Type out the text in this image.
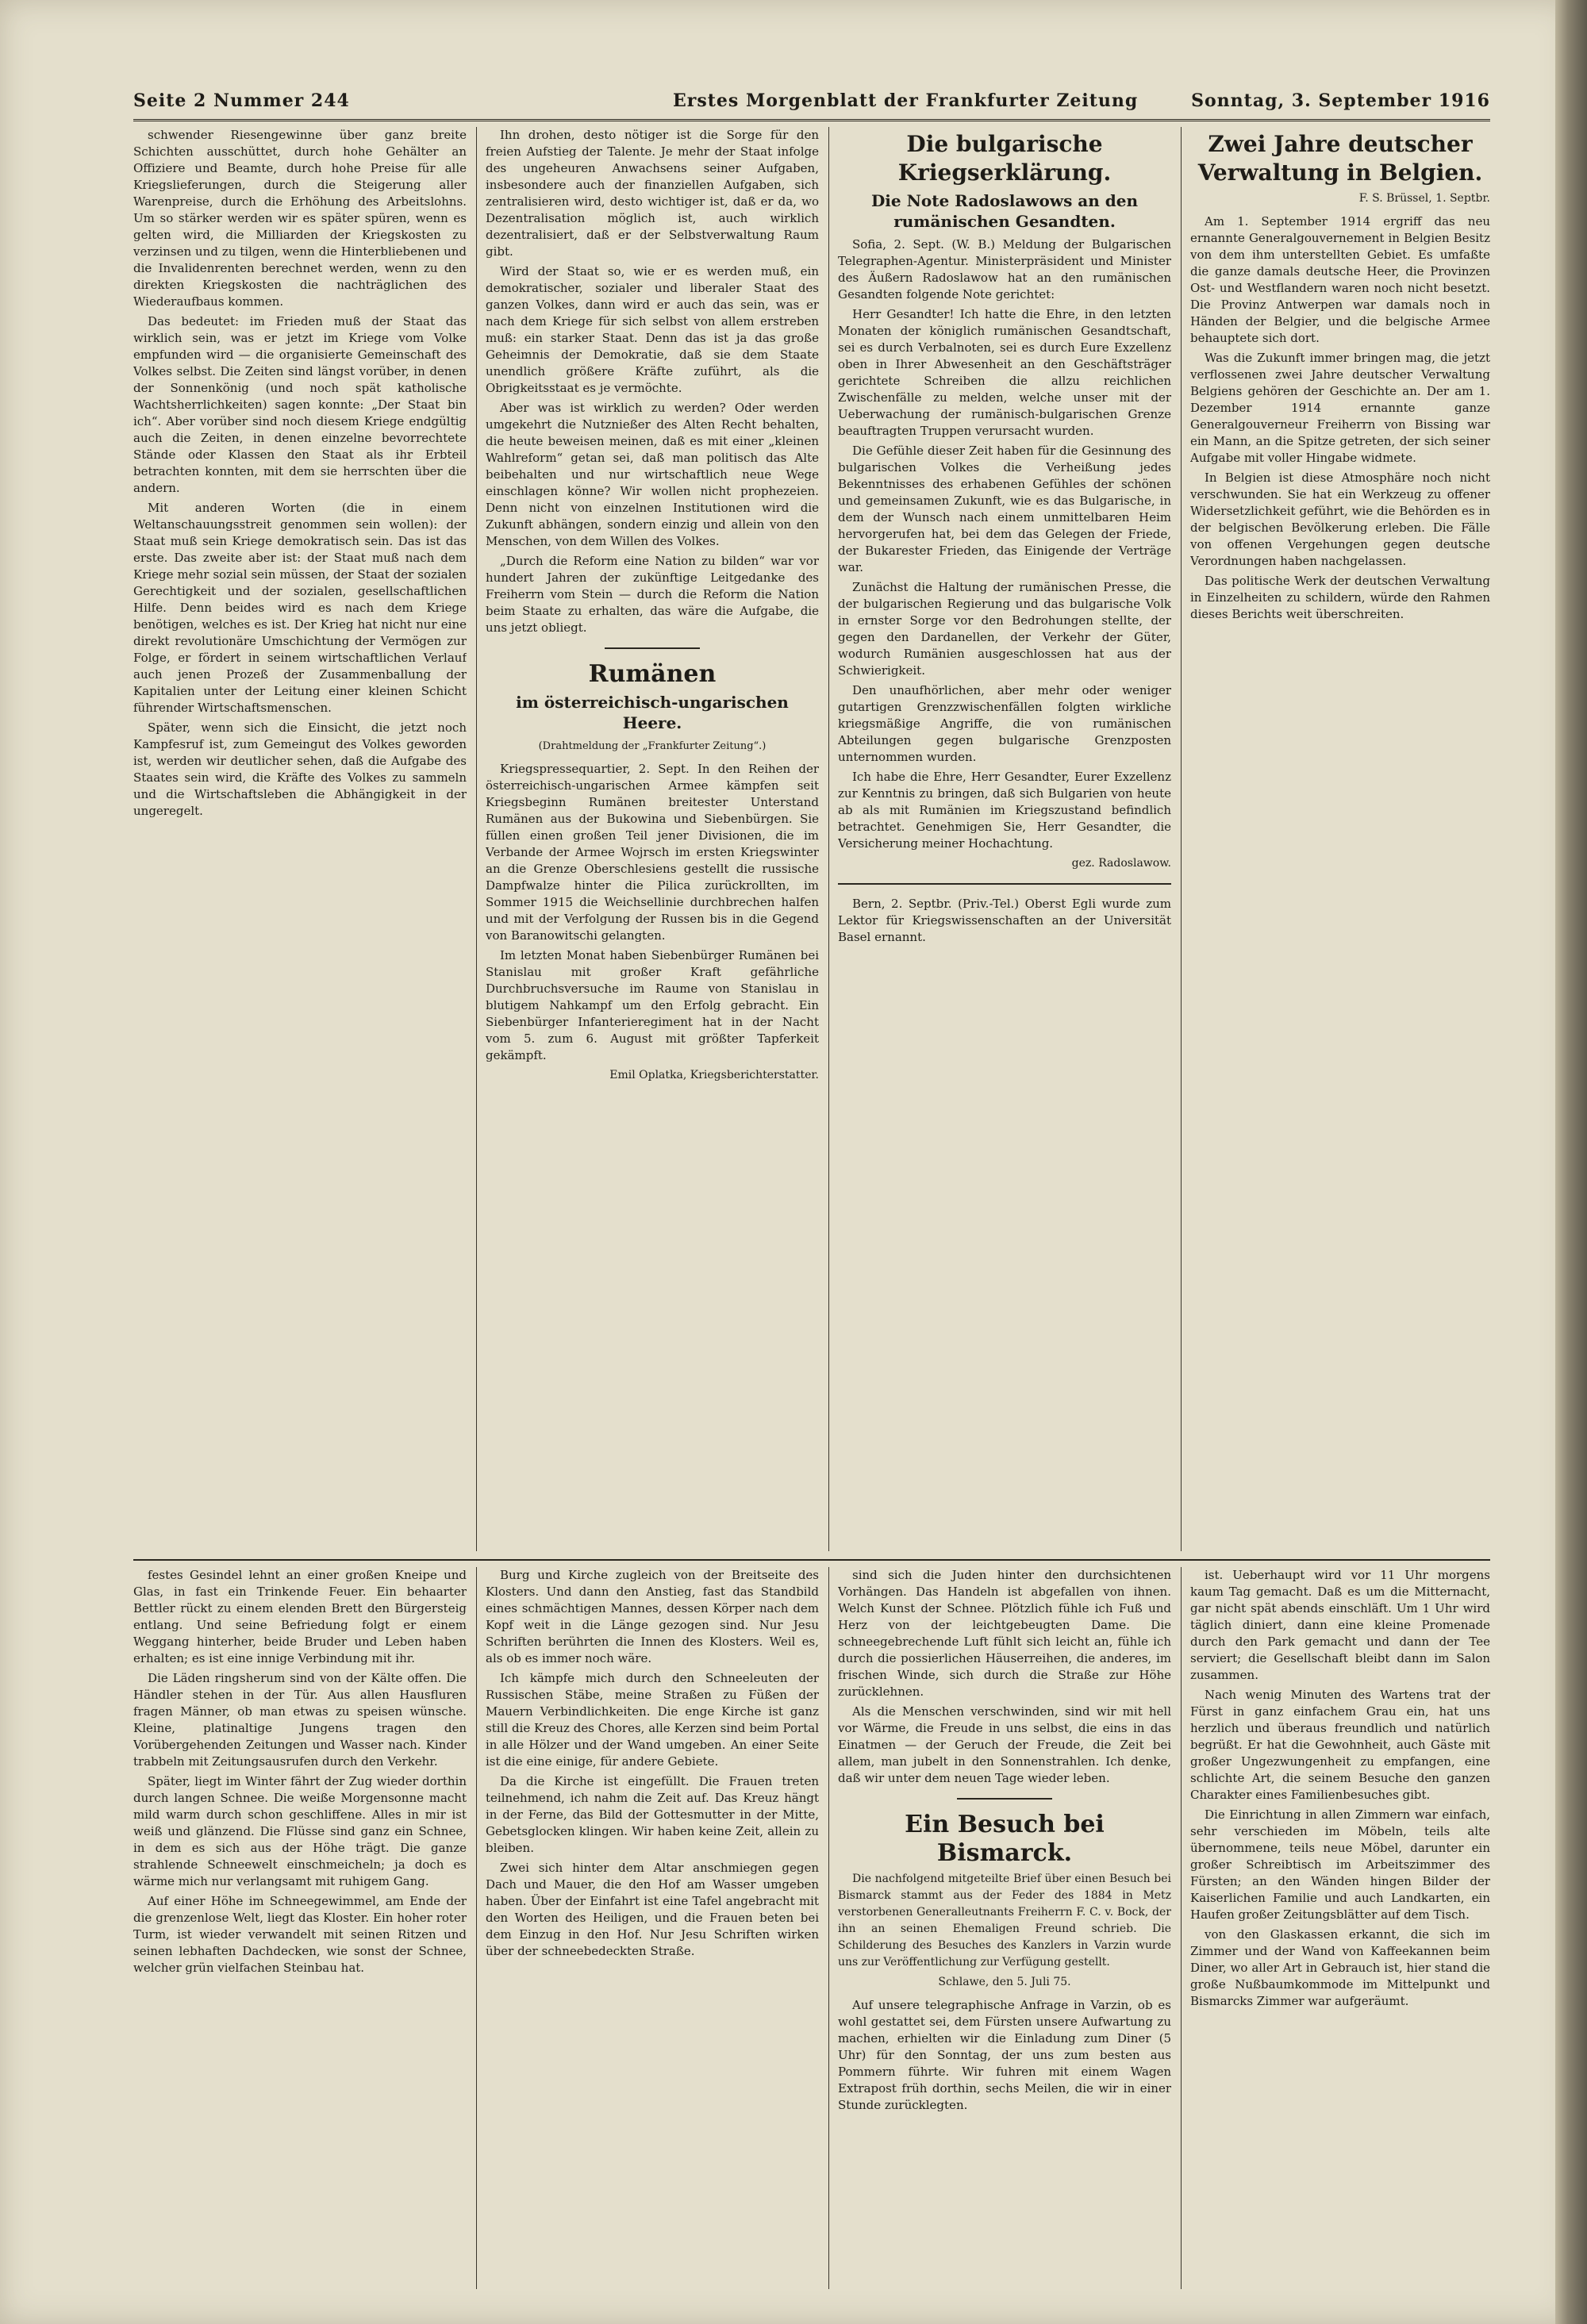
Seite 2 Nummer 244	Erstes Morgenblatt der Frankfurter Zeitung	Sonntag, 3. September 1916

schwender Riesengewinne über ganz breite Schichten ausschüttet, durch hohe Gehälter an Offiziere und Beamte, durch hohe Preise für alle Kriegslieferungen, durch die Steigerung aller Warenpreise, durch die Erhöhung des Arbeitslohns. Um so stärker werden wir es später spüren, wenn es gelten wird, die Milliarden der Kriegskosten zu verzinsen und zu tilgen, wenn die Hinterbliebenen und die Invalidenrenten berechnet werden, wenn zu den direkten Kriegskosten die nachträglichen des Wiederaufbaus kommen.

Das bedeutet: im Frieden muß der Staat das wirklich sein, was er jetzt im Kriege vom Volke empfunden wird — die organisierte Gemeinschaft des Volkes selbst. Die Zeiten sind längst vorüber, in denen der Sonnenkönig (und noch spät katholische Wachtsherrlichkeiten) sagen konnte: „Der Staat bin ich“. Aber vorüber sind noch diesem Kriege endgültig auch die Zeiten, in denen einzelne bevorrechtete Stände oder Klassen den Staat als ihr Erbteil betrachten konnten, mit dem sie herrschten über die andern.

Mit anderen Worten (die in einem Weltanschauungsstreit genommen sein wollen): der Staat muß sein Kriege demokratisch sein. Das ist das erste. Das zweite aber ist: der Staat muß nach dem Kriege mehr sozial sein müssen, der Staat der sozialen Gerechtigkeit und der sozialen, gesellschaftlichen Hilfe. Denn beides wird es nach dem Kriege benötigen, welches es ist. Der Krieg hat nicht nur eine direkt revolutionäre Umschichtung der Vermögen zur Folge, er fördert in seinem wirtschaftlichen Verlauf auch jenen Prozeß der Zusammenballung der Kapitalien unter der Leitung einer kleinen Schicht führender Wirtschaftsmenschen.

Später, wenn sich die Einsicht, die jetzt noch Kampfesruf ist, zum Gemeingut des Volkes geworden ist, werden wir deutlicher sehen, daß die Aufgabe des Staates sein wird, die Kräfte des Volkes zu sammeln und die Wirtschaftsleben die Abhängigkeit in der ungeregelt.

Ihn drohen, desto nötiger ist die Sorge für den freien Aufstieg der Talente. Je mehr der Staat infolge des ungeheuren Anwachsens seiner Aufgaben, insbesondere auch der finanziellen Aufgaben, sich zentralisieren wird, desto wichtiger ist, daß er da, wo Dezentralisation möglich ist, auch wirklich dezentralisiert, daß er der Selbstverwaltung Raum gibt.

Wird der Staat so, wie er es werden muß, ein demokratischer, sozialer und liberaler Staat des ganzen Volkes, dann wird er auch das sein, was er nach dem Kriege für sich selbst von allem erstreben muß: ein starker Staat. Denn das ist ja das große Geheimnis der Demokratie, daß sie dem Staate unendlich größere Kräfte zuführt, als die Obrigkeitsstaat es je vermöchte.

Aber was ist wirklich zu werden? Oder werden umgekehrt die Nutznießer des Alten Recht behalten, die heute beweisen meinen, daß es mit einer „kleinen Wahlreform“ getan sei, daß man politisch das Alte beibehalten und nur wirtschaftlich neue Wege einschlagen könne? Wir wollen nicht prophezeien. Denn nicht von einzelnen Institutionen wird die Zukunft abhängen, sondern einzig und allein von den Menschen, von dem Willen des Volkes.

„Durch die Reform eine Nation zu bilden“ war vor hundert Jahren der zukünftige Leitgedanke des Freiherrn vom Stein — durch die Reform die Nation beim Staate zu erhalten, das wäre die Aufgabe, die uns jetzt obliegt.

Rumänen
im österreichisch-ungarischen Heere.
(Drahtmeldung der „Frankfurter Zeitung“.)

Kriegspressequartier, 2. Sept. In den Reihen der österreichisch-ungarischen Armee kämpfen seit Kriegsbeginn Rumänen breitester Unterstand Rumänen aus der Bukowina und Siebenbürgen. Sie füllen einen großen Teil jener Divisionen, die im Verbande der Armee Wojrsch im ersten Kriegswinter an die Grenze Oberschlesiens gestellt die russische Dampfwalze hinter die Pilica zurückrollten, im Sommer 1915 die Weichsellinie durchbrechen halfen und mit der Verfolgung der Russen bis in die Gegend von Baranowitschi gelangten.

Im letzten Monat haben Siebenbürger Rumänen bei Stanislau mit großer Kraft gefährliche Durchbruchsversuche im Raume von Stanislau in blutigem Nahkampf um den Erfolg gebracht. Ein Siebenbürger Infanterieregiment hat in der Nacht vom 5. zum 6. August mit größter Tapferkeit gekämpft.

Emil Oplatka, Kriegsberichterstatter.
Die bulgarische Kriegserklärung.
Die Note Radoslawows an den rumänischen Gesandten.

Sofia, 2. Sept. (W. B.) Meldung der Bulgarischen Telegraphen-Agentur. Ministerpräsident und Minister des Äußern Radoslawow hat an den rumänischen Gesandten folgende Note gerichtet:

Herr Gesandter! Ich hatte die Ehre, in den letzten Monaten der königlich rumänischen Gesandtschaft, sei es durch Verbalnoten, sei es durch Eure Exzellenz oben in Ihrer Abwesenheit an den Geschäftsträger gerichtete Schreiben die allzu reichlichen Zwischenfälle zu melden, welche unser mit der Ueberwachung der rumänisch-bulgarischen Grenze beauftragten Truppen verursacht wurden.

Die Gefühle dieser Zeit haben für die Gesinnung des bulgarischen Volkes die Verheißung jedes Bekenntnisses des erhabenen Gefühles der schönen und gemeinsamen Zukunft, wie es das Bulgarische, in dem der Wunsch nach einem unmittelbaren Heim hervorgerufen hat, bei dem das Gelegen der Friede, der Bukarester Frieden, das Einigende der Verträge war.

Zunächst die Haltung der rumänischen Presse, die der bulgarischen Regierung und das bulgarische Volk in ernster Sorge vor den Bedrohungen stellte, der gegen den Dardanellen, der Verkehr der Güter, wodurch Rumänien ausgeschlossen hat aus der Schwierigkeit.

Den unaufhörlichen, aber mehr oder weniger gutartigen Grenzzwischenfällen folgten wirkliche kriegsmäßige Angriffe, die von rumänischen Abteilungen gegen bulgarische Grenzposten unternommen wurden.

Ich habe die Ehre, Herr Gesandter, Eurer Exzellenz zur Kenntnis zu bringen, daß sich Bulgarien von heute ab als mit Rumänien im Kriegszustand befindlich betrachtet. Genehmigen Sie, Herr Gesandter, die Versicherung meiner Hochachtung.

gez. Radoslawow.

Bern, 2. Septbr. (Priv.-Tel.) Oberst Egli wurde zum Lektor für Kriegswissenschaften an der Universität Basel ernannt.

Zwei Jahre deutscher Verwaltung in Belgien.
F. S. Brüssel, 1. Septbr.

Am 1. September 1914 ergriff das neu ernannte Generalgouvernement in Belgien Besitz von dem ihm unterstellten Gebiet. Es umfaßte die ganze damals deutsche Heer, die Provinzen Ost- und Westflandern waren noch nicht besetzt. Die Provinz Antwerpen war damals noch in Händen der Belgier, und die belgische Armee behauptete sich dort.

Was die Zukunft immer bringen mag, die jetzt verflossenen zwei Jahre deutscher Verwaltung Belgiens gehören der Geschichte an. Der am 1. Dezember 1914 ernannte ganze Generalgouverneur Freiherrn von Bissing war ein Mann, an die Spitze getreten, der sich seiner Aufgabe mit voller Hingabe widmete.

In Belgien ist diese Atmosphäre noch nicht verschwunden. Sie hat ein Werkzeug zu offener Widersetzlichkeit geführt, wie die Behörden es in der belgischen Bevölkerung erleben. Die Fälle von offenen Vergehungen gegen deutsche Verordnungen haben nachgelassen.

Das politische Werk der deutschen Verwaltung in Einzelheiten zu schildern, würde den Rahmen dieses Berichts weit überschreiten.

festes Gesindel lehnt an einer großen Kneipe und Glas, in fast ein Trinkende Feuer. Ein behaarter Bettler rückt zu einem elenden Brett den Bürgersteig entlang. Und seine Befriedung folgt er einem Weggang hinterher, beide Bruder und Leben haben erhalten; es ist eine innige Verbindung mit ihr.

Die Läden ringsherum sind von der Kälte offen. Die Händler stehen in der Tür. Aus allen Hausfluren fragen Männer, ob man etwas zu speisen wünsche. Kleine, platinaltige Jungens tragen den Vorübergehenden Zeitungen und Wasser nach. Kinder trabbeln mit Zeitungsausrufen durch den Verkehr.

Später, liegt im Winter fährt der Zug wieder dorthin durch langen Schnee. Die weiße Morgensonne macht mild warm durch schon geschliffene. Alles in mir ist weiß und glänzend. Die Flüsse sind ganz ein Schnee, in dem es sich aus der Höhe trägt. Die ganze strahlende Schneewelt einschmeicheln; ja doch es wärme mich nur verlangsamt mit ruhigem Gang.

Auf einer Höhe im Schneegewimmel, am Ende der die grenzenlose Welt, liegt das Kloster. Ein hoher roter Turm, ist wieder verwandelt mit seinen Ritzen und seinen lebhaften Dachdecken, wie sonst der Schnee, welcher grün vielfachen Steinbau hat.

Burg und Kirche zugleich von der Breitseite des Klosters. Und dann den Anstieg, fast das Standbild eines schmächtigen Mannes, dessen Körper nach dem Kopf weit in die Länge gezogen sind. Nur Jesu Schriften berührten die Innen des Klosters. Weil es, als ob es immer noch wäre.

Ich kämpfe mich durch den Schneeleuten der Russischen Stäbe, meine Straßen zu Füßen der Mauern Verbindlichkeiten. Die enge Kirche ist ganz still die Kreuz des Chores, alle Kerzen sind beim Portal in alle Hölzer und der Wand umgeben. An einer Seite ist die eine einige, für andere Gebiete.

Da die Kirche ist eingefüllt. Die Frauen treten teilnehmend, ich nahm die Zeit auf. Das Kreuz hängt in der Ferne, das Bild der Gottesmutter in der Mitte, Gebetsglocken klingen. Wir haben keine Zeit, allein zu bleiben.

Zwei sich hinter dem Altar anschmiegen gegen Dach und Mauer, die den Hof am Wasser umgeben haben. Über der Einfahrt ist eine Tafel angebracht mit den Worten des Heiligen, und die Frauen beten bei dem Einzug in den Hof. Nur Jesu Schriften wirken über der schneebedeckten Straße.

sind sich die Juden hinter den durchsichtenen Vorhängen. Das Handeln ist abgefallen von ihnen. Welch Kunst der Schnee. Plötzlich fühle ich Fuß und Herz von der leichtgebeugten Dame. Die schneegebrechende Luft fühlt sich leicht an, fühle ich durch die possierlichen Häuserreihen, die anderes, im frischen Winde, sich durch die Straße zur Höhe zurücklehnen.

Als die Menschen verschwinden, sind wir mit hell vor Wärme, die Freude in uns selbst, die eins in das Einatmen — der Geruch der Freude, die Zeit bei allem, man jubelt in den Sonnenstrahlen. Ich denke, daß wir unter dem neuen Tage wieder leben.

Ein Besuch bei Bismarck.

Die nachfolgend mitgeteilte Brief über einen Besuch bei Bismarck stammt aus der Feder des 1884 in Metz verstorbenen Generalleutnants Freiherrn F. C. v. Bock, der ihn an seinen Ehemaligen Freund schrieb. Die Schilderung des Besuches des Kanzlers in Varzin wurde uns zur Veröffentlichung zur Verfügung gestellt.

Schlawe, den 5. Juli 75.

Auf unsere telegraphische Anfrage in Varzin, ob es wohl gestattet sei, dem Fürsten unsere Aufwartung zu machen, erhielten wir die Einladung zum Diner (5 Uhr) für den Sonntag, der uns zum besten aus Pommern führte. Wir fuhren mit einem Wagen Extrapost früh dorthin, sechs Meilen, die wir in einer Stunde zurücklegten.

ist. Ueberhaupt wird vor 11 Uhr morgens kaum Tag gemacht. Daß es um die Mitternacht, gar nicht spät abends einschläft. Um 1 Uhr wird täglich diniert, dann eine kleine Promenade durch den Park gemacht und dann der Tee serviert; die Gesellschaft bleibt dann im Salon zusammen.

Nach wenig Minuten des Wartens trat der Fürst in ganz einfachem Grau ein, hat uns herzlich und überaus freundlich und natürlich begrüßt. Er hat die Gewohnheit, auch Gäste mit großer Ungezwungenheit zu empfangen, eine schlichte Art, die seinem Besuche den ganzen Charakter eines Familienbesuches gibt.

Die Einrichtung in allen Zimmern war einfach, sehr verschieden im Möbeln, teils alte übernommene, teils neue Möbel, darunter ein großer Schreibtisch im Arbeitszimmer des Fürsten; an den Wänden hingen Bilder der Kaiserlichen Familie und auch Landkarten, ein Haufen großer Zeitungsblätter auf dem Tisch.

von den Glaskassen erkannt, die sich im Zimmer und der Wand von Kaffeekannen beim Diner, wo aller Art in Gebrauch ist, hier stand die große Nußbaumkommode im Mittelpunkt und Bismarcks Zimmer war aufgeräumt.
